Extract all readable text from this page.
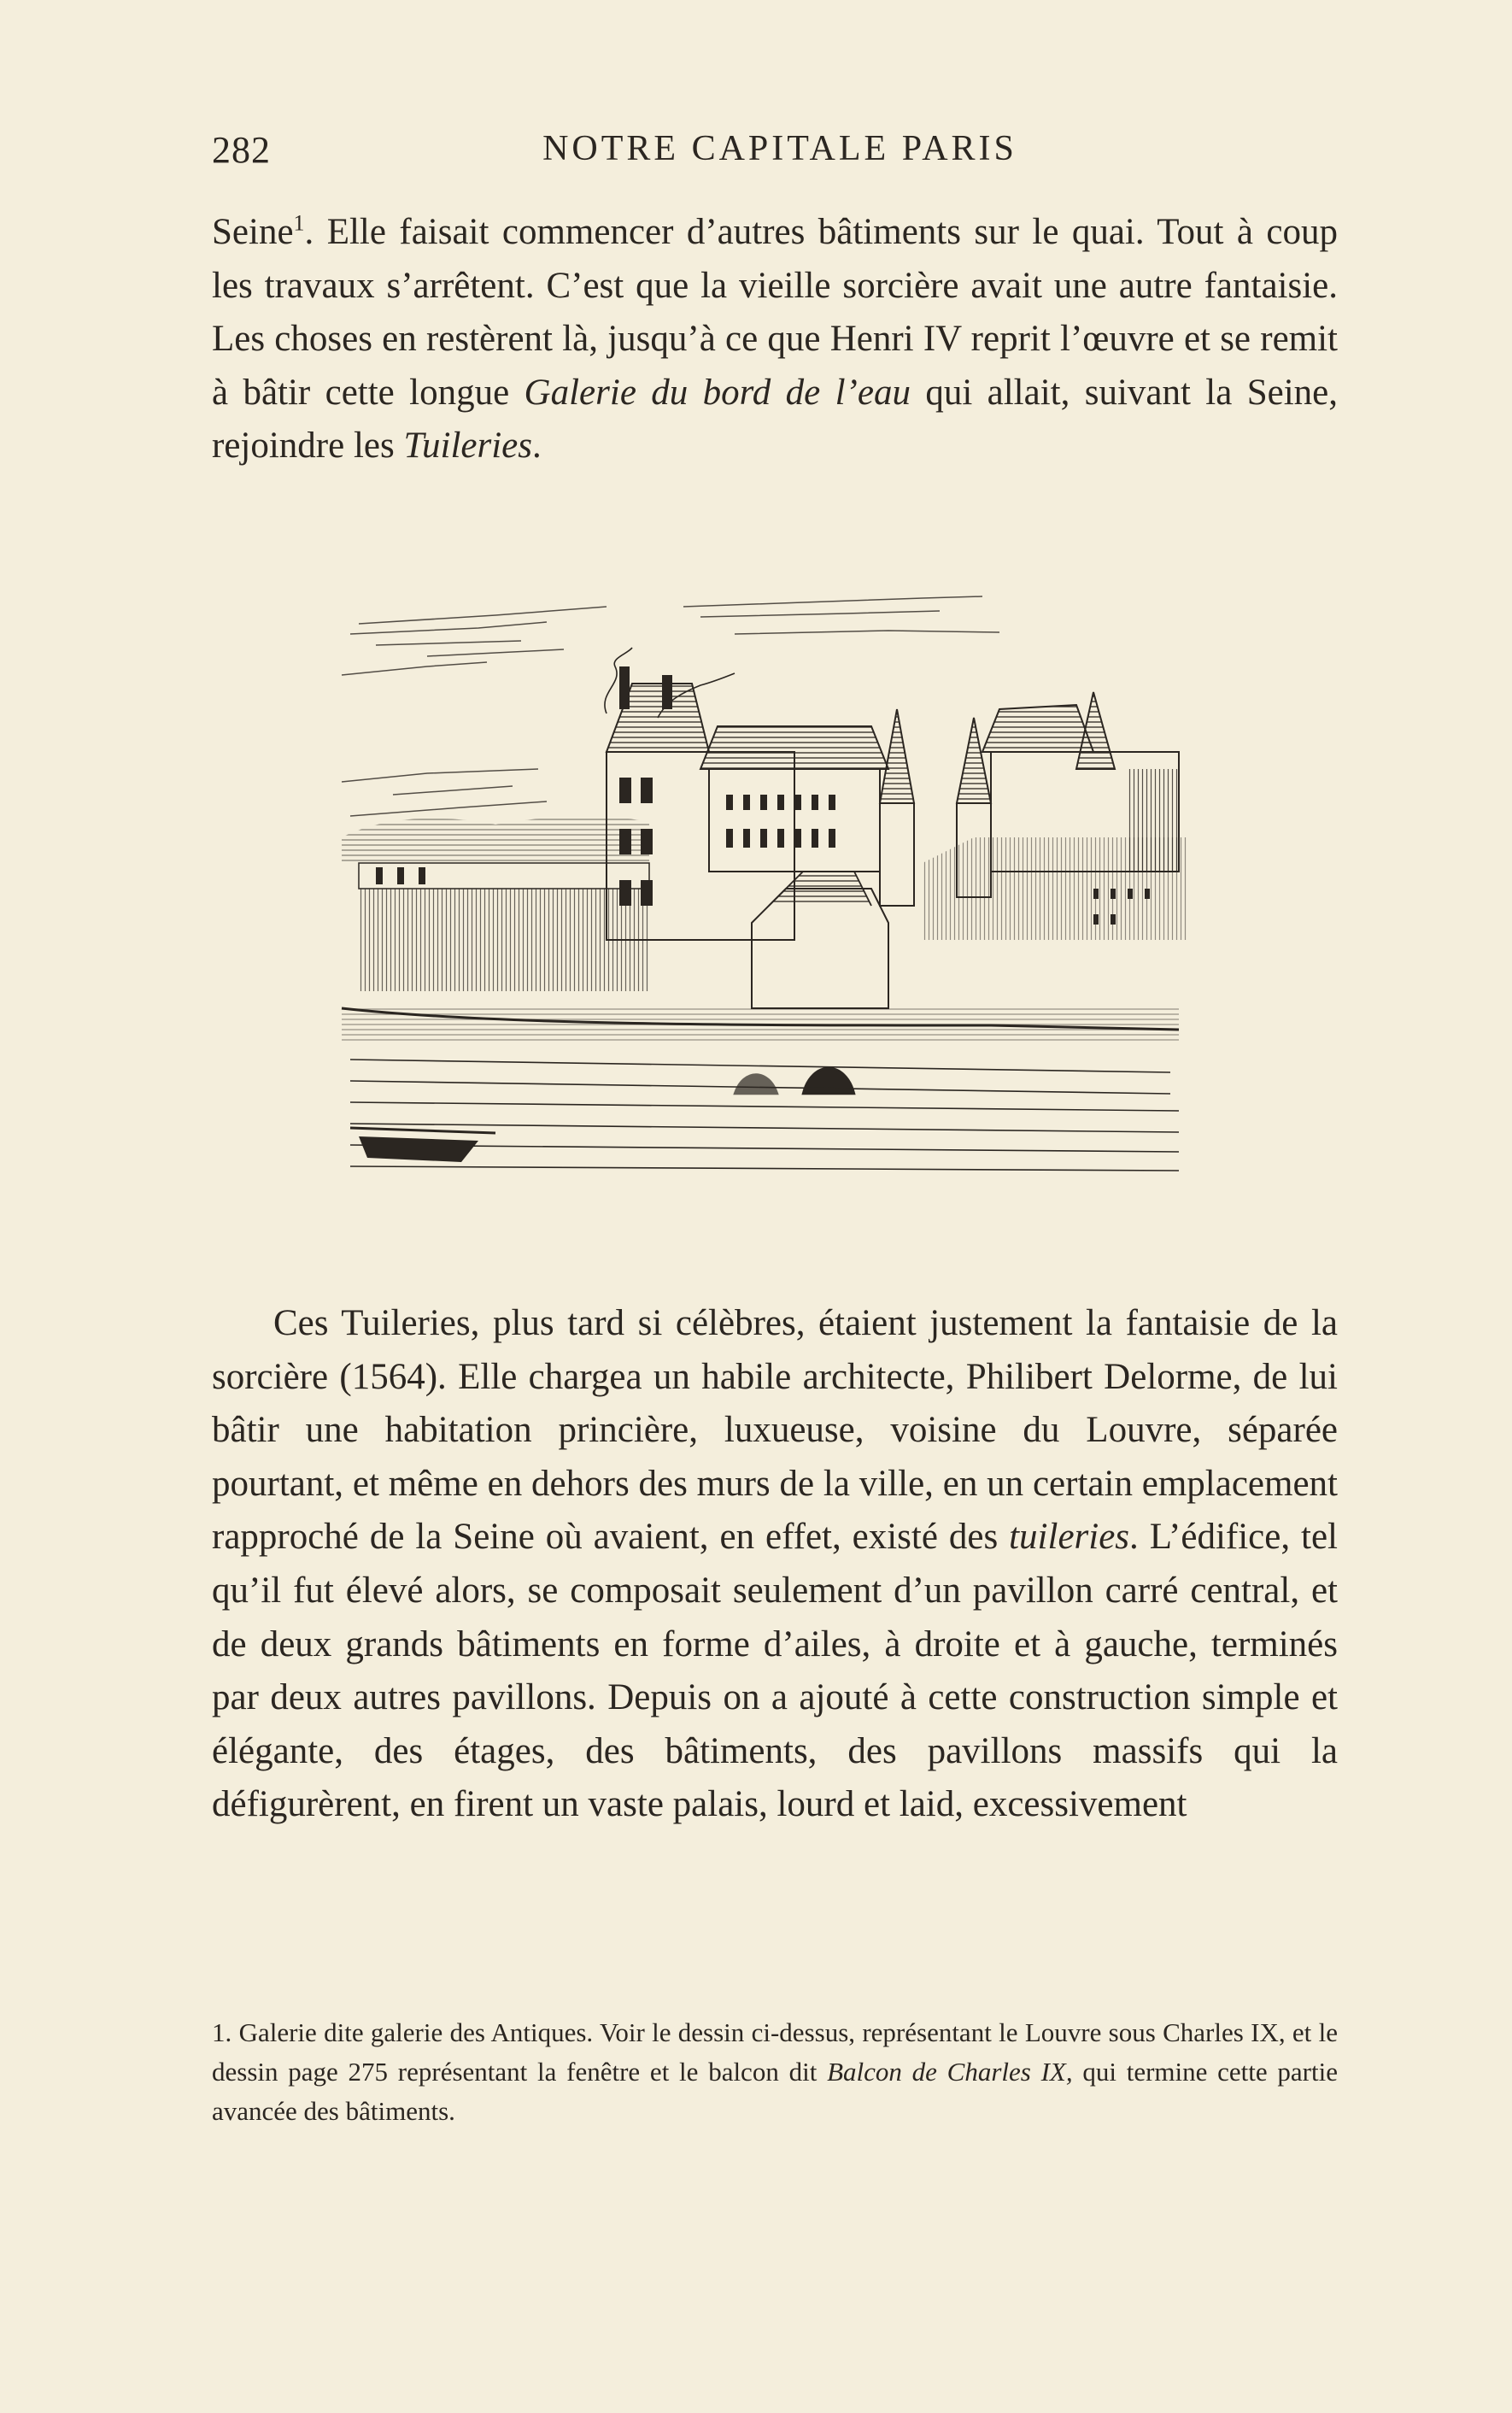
282	NOTRE CAPITALE PARIS

Seine$^1$. Elle faisait commencer d’autres bâtiments sur le quai. Tout à coup les travaux s’arrêtent. C’est que la vieille sorcière avait une autre fantaisie. Les choses en restèrent là, jusqu’à ce que Henri IV reprit l’œuvre et se remit à bâtir cette longue Galerie du bord de l’eau qui allait, suivant la Seine, rejoindre les Tuileries.

Ces Tuileries, plus tard si célèbres, étaient justement la fantaisie de la sorcière (1564). Elle chargea un habile architecte, Philibert Delorme, de lui bâtir une habitation princière, luxueuse, voisine du Louvre, séparée pourtant, et même en dehors des murs de la ville, en un certain emplacement rapproché de la Seine où avaient, en effet, existé des tuileries. L’édifice, tel qu’il fut élevé alors, se composait seulement d’un pavillon carré central, et de deux grands bâtiments en forme d’ailes, à droite et à gauche, terminés par deux autres pavillons. Depuis on a ajouté à cette construction simple et élégante, des étages, des bâtiments, des pavillons massifs qui la défigurèrent, en firent un vaste palais, lourd et laid, excessivement

1. Galerie dite galerie des Antiques. Voir le dessin ci-dessus, représentant le Louvre sous Charles IX, et le dessin page 275 représentant la fenêtre et le balcon dit Balcon de Charles IX, qui termine cette partie avancée des bâtiments.
